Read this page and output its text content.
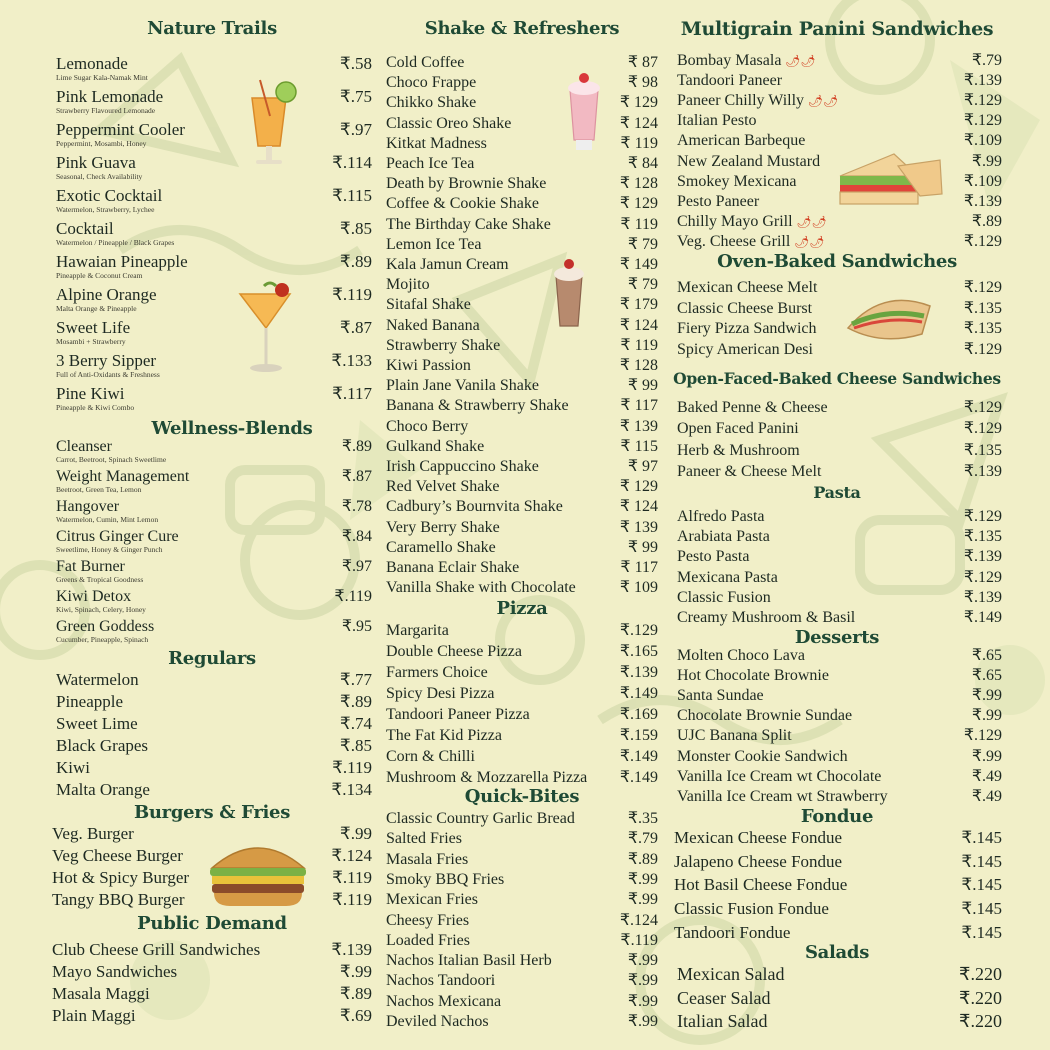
Nature Trails
Lemonade	₹.58
Lime Sugar Kala-Namak Mint
Pink Lemonade	₹.75
Strawberry Flavoured Lemonade
Peppermint Cooler	₹.97
Peppermint, Mosambi, Honey
Pink Guava	₹.114
Seasonal, Check Availability
Exotic Cocktail	₹.115
Watermelon, Strawberry, Lychee
Cocktail	₹.85
Watermelon / Pineapple / Black Grapes
Hawaian Pineapple	₹.89
Pineapple & Coconut Cream
Alpine Orange	₹.119
Malta Orange & Pineapple
Sweet Life	₹.87
Mosambi + Strawberry
3 Berry Sipper	₹.133
Full of Anti-Oxidants & Freshness
Pine Kiwi	₹.117
Pineapple & Kiwi Combo
Wellness-Blends
Cleanser	₹.89
Carrot, Beetroot, Spinach Sweetlime
Weight Management	₹.87
Beetroot, Green Tea, Lemon
Hangover	₹.78
Watermelon, Cumin, Mint Lemon
Citrus Ginger Cure	₹.84
Sweetlime, Honey & Ginger Punch
Fat Burner	₹.97
Greens & Tropical Goodness
Kiwi Detox	₹.119
Kiwi, Spinach, Celery, Honey
Green Goddess	₹.95
Cucumber, Pineapple, Spinach
Regulars
Watermelon	₹.77
Pineapple	₹.89
Sweet Lime	₹.74
Black Grapes	₹.85
Kiwi	₹.119
Malta Orange	₹.134
Burgers & Fries
Veg. Burger	₹.99
Veg Cheese Burger	₹.124
Hot & Spicy Burger	₹.119
Tangy BBQ Burger	₹.119
Public Demand
Club Cheese Grill Sandwiches	₹.139
Mayo Sandwiches	₹.99
Masala Maggi	₹.89
Plain Maggi	₹.69
Shake & Refreshers
Cold Coffee	₹ 87
Choco Frappe	₹ 98
Chikko Shake	₹ 129
Classic Oreo Shake	₹ 124
Kitkat Madness	₹ 119
Peach Ice Tea	₹ 84
Death by Brownie Shake	₹ 128
Coffee & Cookie Shake	₹ 129
The Birthday Cake Shake	₹ 119
Lemon Ice Tea	₹ 79
Kala Jamun Cream	₹ 149
Mojito	₹ 79
Sitafal Shake	₹ 179
Naked Banana	₹ 124
Strawberry Shake	₹ 119
Kiwi Passion	₹ 128
Plain Jane Vanila Shake	₹ 99
Banana & Strawberry Shake	₹ 117
Choco Berry	₹ 139
Gulkand Shake	₹ 115
Irish Cappuccino Shake	₹ 97
Red Velvet Shake	₹ 129
Cadbury’s Bournvita Shake	₹ 124
Very Berry Shake	₹ 139
Caramello Shake	₹ 99
Banana Eclair Shake	₹ 117
Vanilla Shake with Chocolate	₹ 109
Pizza
Margarita	₹.129
Double Cheese Pizza	₹.165
Farmers Choice	₹.139
Spicy Desi Pizza	₹.149
Tandoori Paneer Pizza	₹.169
The Fat Kid Pizza	₹.159
Corn & Chilli	₹.149
Mushroom & Mozzarella Pizza ₹.149
Quick-Bites
Classic Country Garlic Bread	₹.35
Salted Fries	₹.79
Masala Fries	₹.89
Smoky BBQ Fries	₹.99
Mexican Fries	₹.99
Cheesy Fries	₹.124
Loaded Fries	₹.119
Nachos Italian Basil Herb	₹.99
Nachos Tandoori	₹.99
Nachos Mexicana	₹.99
Deviled Nachos	₹.99
Multigrain Panini Sandwiches
Bombay Masala 🌶🌶	₹.79
Tandoori Paneer	₹.139
Paneer Chilly Willy 🌶🌶	₹.129
Italian Pesto	₹.129
American Barbeque	₹.109
New Zealand Mustard	₹.99
Smokey Mexicana	₹.109
Pesto Paneer	₹.139
Chilly Mayo Grill 🌶🌶	₹.89
Veg. Cheese Grill 🌶🌶	₹.129
Oven-Baked Sandwiches
Mexican Cheese Melt	₹.129
Classic Cheese Burst	₹.135
Fiery Pizza Sandwich	₹.135
Spicy American Desi	₹.129
Open-Faced-Baked Cheese Sandwiches
Baked Penne & Cheese	₹.129
Open Faced Panini	₹.129
Herb & Mushroom	₹.135
Paneer & Cheese Melt	₹.139
Pasta
Alfredo Pasta	₹.129
Arabiata Pasta	₹.135
Pesto Pasta	₹.139
Mexicana Pasta	₹.129
Classic Fusion	₹.139
Creamy Mushroom & Basil	₹.149
Desserts
Molten Choco Lava	₹.65
Hot Chocolate Brownie	₹.65
Santa Sundae	₹.99
Chocolate Brownie Sundae	₹.99
UJC Banana Split	₹.129
Monster Cookie Sandwich	₹.99
Vanilla Ice Cream wt Chocolate	₹.49
Vanilla Ice Cream wt Strawberry	₹.49
Fondue
Mexican Cheese Fondue	₹.145
Jalapeno Cheese Fondue	₹.145
Hot Basil Cheese Fondue	₹.145
Classic Fusion Fondue	₹.145
Tandoori Fondue	₹.145
Salads
Mexican Salad	₹.220
Ceaser Salad	₹.220
Italian Salad	₹.220
